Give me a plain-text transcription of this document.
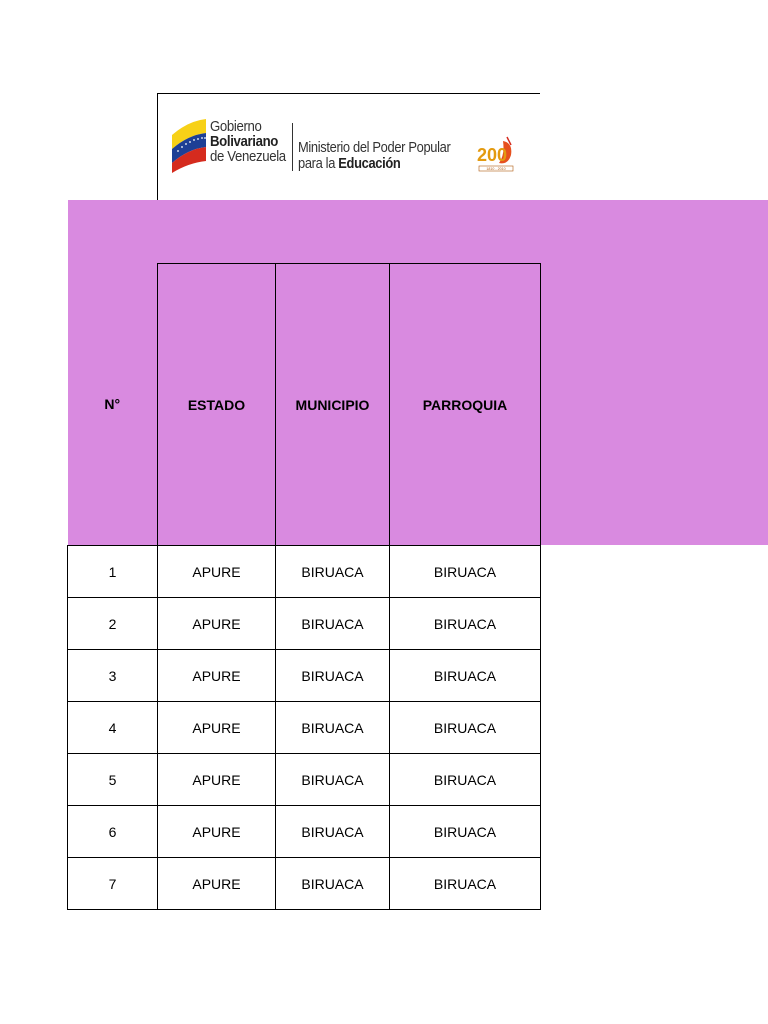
Gobierno
Bolivariano
de Venezuela
Ministerio del Poder Popular
para la Educación	200
1810 - 2010
N°	ESTADO	MUNICIPIO	PARROQUIA
1	APURE	BIRUACA	BIRUACA
2	APURE	BIRUACA	BIRUACA
3	APURE	BIRUACA	BIRUACA
4	APURE	BIRUACA	BIRUACA
5	APURE	BIRUACA	BIRUACA
6	APURE	BIRUACA	BIRUACA
7	APURE	BIRUACA	BIRUACA
